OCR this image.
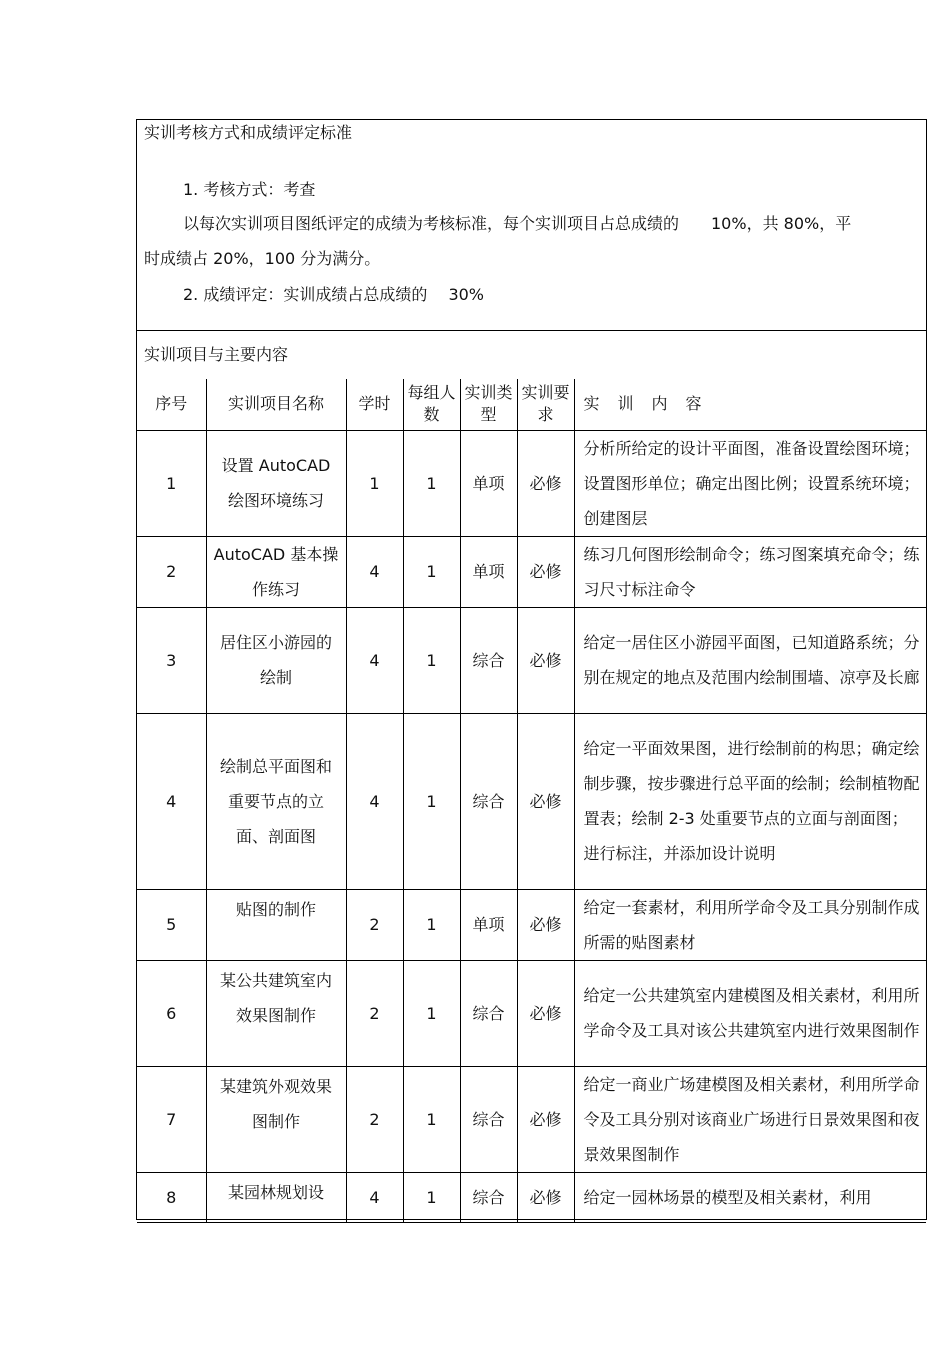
实训考核方式和成绩评定标准
1. 考核方式：考查
以每次实训项目图纸评定的成绩为考核标准，每个实训项目占总成绩的　　10%，共 80%，平
时成绩占 20%，100 分为满分。
2. 成绩评定：实训成绩占总成绩的　 30%
实训项目与主要内容
序号	实训项目名称	学时	每组人数	实训类型	实训要求	实训内容
1	设置 AutoCAD 绘图环境练习	1	1	单项	必修	分析所给定的设计平面图，准备设置绘图环境；设置图形单位；确定出图比例；设置系统环境；创建图层
2	AutoCAD 基本操作练习	4	1	单项	必修	练习几何图形绘制命令；练习图案填充命令；练习尺寸标注命令
3	居住区小游园的绘制	4	1	综合	必修	给定一居住区小游园平面图，已知道路系统；分别在规定的地点及范围内绘制围墙、凉亭及长廊
4	绘制总平面图和重要节点的立面、剖面图	4	1	综合	必修	给定一平面效果图，进行绘制前的构思；确定绘制步骤，按步骤进行总平面的绘制；绘制植物配置表；绘制 2-3 处重要节点的立面与剖面图；进行标注，并添加设计说明
5	贴图的制作	2	1	单项	必修	给定一套素材，利用所学命令及工具分别制作成所需的贴图素材
6	某公共建筑室内效果图制作	2	1	综合	必修	给定一公共建筑室内建模图及相关素材，利用所学命令及工具对该公共建筑室内进行效果图制作
7	某建筑外观效果图制作	2	1	综合	必修	给定一商业广场建模图及相关素材，利用所学命令及工具分别对该商业广场进行日景效果图和夜景效果图制作
8	某园林规划设	4	1	综合	必修	给定一园林场景的模型及相关素材，利用
